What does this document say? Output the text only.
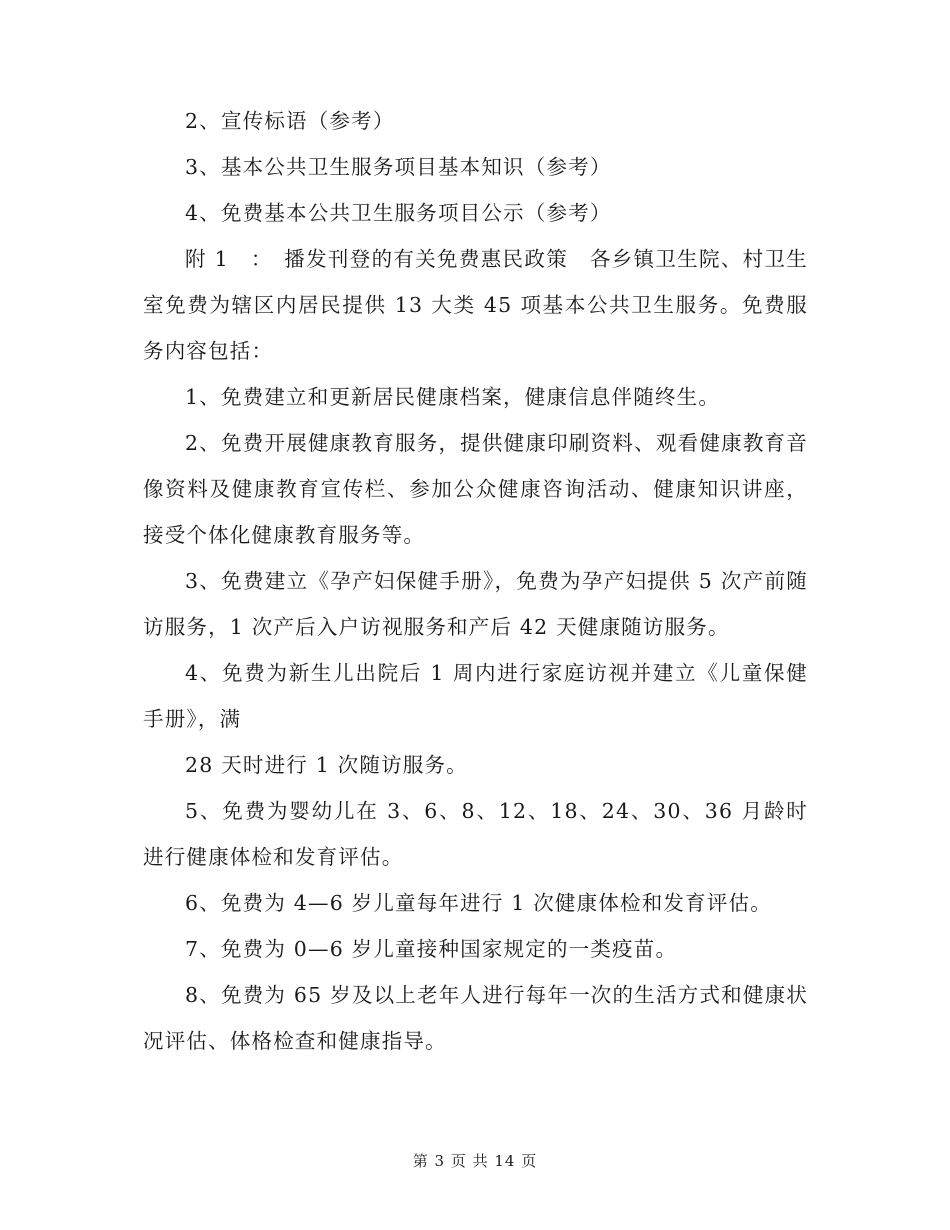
2、宣传标语（参考）

3、基本公共卫生服务项目基本知识（参考）

4、免费基本公共卫生服务项目公示（参考）

附 1　：　播发刊登的有关免费惠民政策　各乡镇卫生院、村卫生室免费为辖区内居民提供 13 大类 45 项基本公共卫生服务。免费服务内容包括：

1、免费建立和更新居民健康档案，健康信息伴随终生。

2、免费开展健康教育服务，提供健康印刷资料、观看健康教育音像资料及健康教育宣传栏、参加公众健康咨询活动、健康知识讲座，接受个体化健康教育服务等。

3、免费建立《孕产妇保健手册》，免费为孕产妇提供 5 次产前随访服务，1 次产后入户访视服务和产后 42 天健康随访服务。

4、免费为新生儿出院后 1 周内进行家庭访视并建立《儿童保健手册》，满

28 天时进行 1 次随访服务。

5、免费为婴幼儿在 3、6、8、12、18、24、30、36 月龄时进行健康体检和发育评估。

6、免费为 4—6 岁儿童每年进行 1 次健康体检和发育评估。

7、免费为 0—6 岁儿童接种国家规定的一类疫苗。

8、免费为 65 岁及以上老年人进行每年一次的生活方式和健康状况评估、体格检查和健康指导。

第 3 页 共 14 页
